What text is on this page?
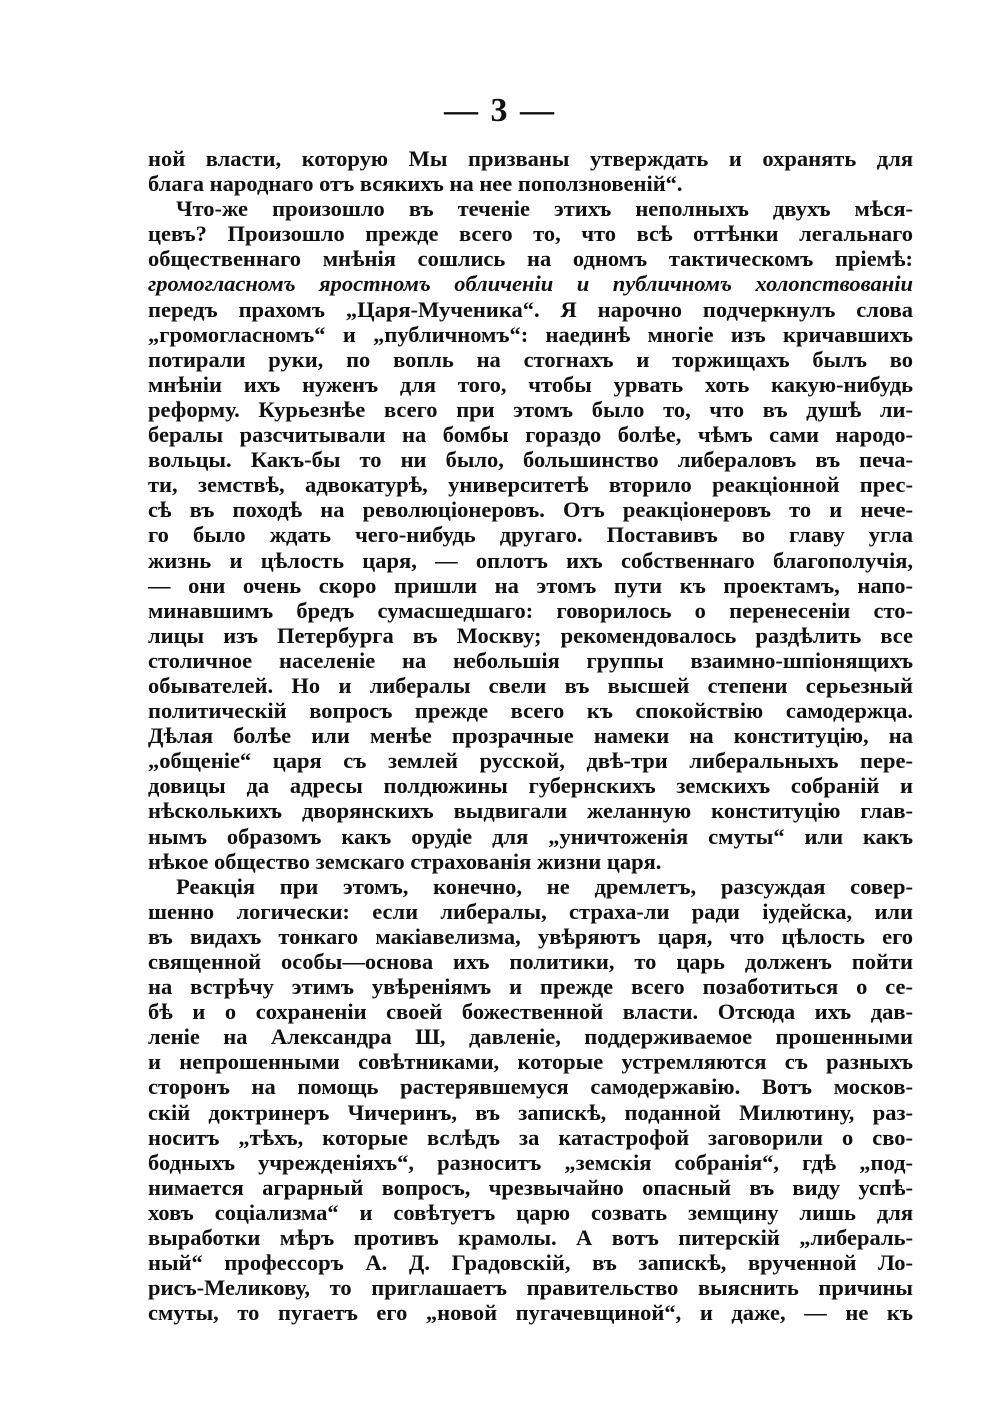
— 3 —

ной власти, которую Мы призваны утверждать и охранять для
блага народнаго отъ всякихъ на нее поползновенiй“.
Что-же произошло въ теченiе этихъ неполныхъ двухъ мѣся-
цевъ? Произошло прежде всего то, что всѣ оттѣнки легальнаго
общественнаго мнѣнiя сошлись на одномъ тактическомъ прiемѣ:
громогласномъ яростномъ обличенiи и публичномъ холопствованiи
передъ прахомъ „Царя-Мученика“. Я нарочно подчеркнулъ слова
„громогласномъ“ и „публичномъ“: наединѣ многiе изъ кричавшихъ
потирали руки, по вопль на стогнахъ и торжищахъ былъ во
мнѣнiи ихъ нуженъ для того, чтобы урвать хоть какую-нибудь
реформу. Курьезнѣе всего при этомъ было то, что въ душѣ ли-
бералы разсчитывали на бомбы гораздо болѣе, чѣмъ сами народо-
вольцы. Какъ-бы то ни было, большинство либераловъ въ печа-
ти, земствѣ, адвокатурѣ, университетѣ вторило реакцiонной прес-
сѣ въ походѣ на революцiонеровъ. Отъ реакцiонеровъ то и нече-
го было ждать чего-нибудь другаго. Поставивъ во главу угла
жизнь и цѣлость царя, — оплотъ ихъ собственнаго благополучiя,
— они очень скоро пришли на этомъ пути къ проектамъ, напо-
минавшимъ бредъ сумасшедшаго: говорилось о перенесенiи сто-
лицы изъ Петербурга въ Москву; рекомендовалось раздѣлить все
столичное населенiе на небольшiя группы взаимно-шпiонящихъ
обывателей. Но и либералы свели въ высшей степени серьезный
политическiй вопросъ прежде всего къ спокойствiю самодержца.
Дѣлая болѣе или менѣе прозрачные намеки на конституцiю, на
„общенiе“ царя съ землей русской, двѣ-три либеральныхъ пере-
довицы да адресы полдюжины губернскихъ земскихъ собранiй и
нѣсколькихъ дворянскихъ выдвигали желанную конституцiю глав-
нымъ образомъ какъ орудiе для „уничтоженiя смуты“ или какъ
нѣкое общество земскаго страхованiя жизни царя.
Реакцiя при этомъ, конечно, не дремлетъ, разсуждая совер-
шенно логически: если либералы, страха-ли ради iудейска, или
въ видахъ тонкаго макiавелизма, увѣряютъ царя, что цѣлость его
священной особы—основа ихъ политики, то царь долженъ пойти
на встрѣчу этимъ увѣренiямъ и прежде всего позаботиться о се-
бѣ и о сохраненiи своей божественной власти. Отсюда ихъ дав-
ленiе на Александра Ш, давленiе, поддерживаемое прошенными
и непрошенными совѣтниками, которые устремляются съ разныхъ
сторонъ на помощь растерявшемуся самодержавiю. Вотъ москов-
скiй доктринеръ Чичеринъ, въ запискѣ, поданной Милютину, раз-
носитъ „тѣхъ, которые вслѣдъ за катастрофой заговорили о сво-
бодныхъ учрежденiяхъ“, разноситъ „земскiя собранiя“, гдѣ „под-
нимается аграрный вопросъ, чрезвычайно опасный въ виду успѣ-
ховъ соцiализма“ и совѣтуетъ царю созвать земщину лишь для
выработки мѣръ противъ крамолы. А вотъ питерскiй „либераль-
ный“ профессоръ А. Д. Градовскiй, въ запискѣ, врученной Ло-
рисъ-Меликову, то приглашаетъ правительство выяснить причины
смуты, то пугаетъ его „новой пугачевщиной“, и даже, — не къ
